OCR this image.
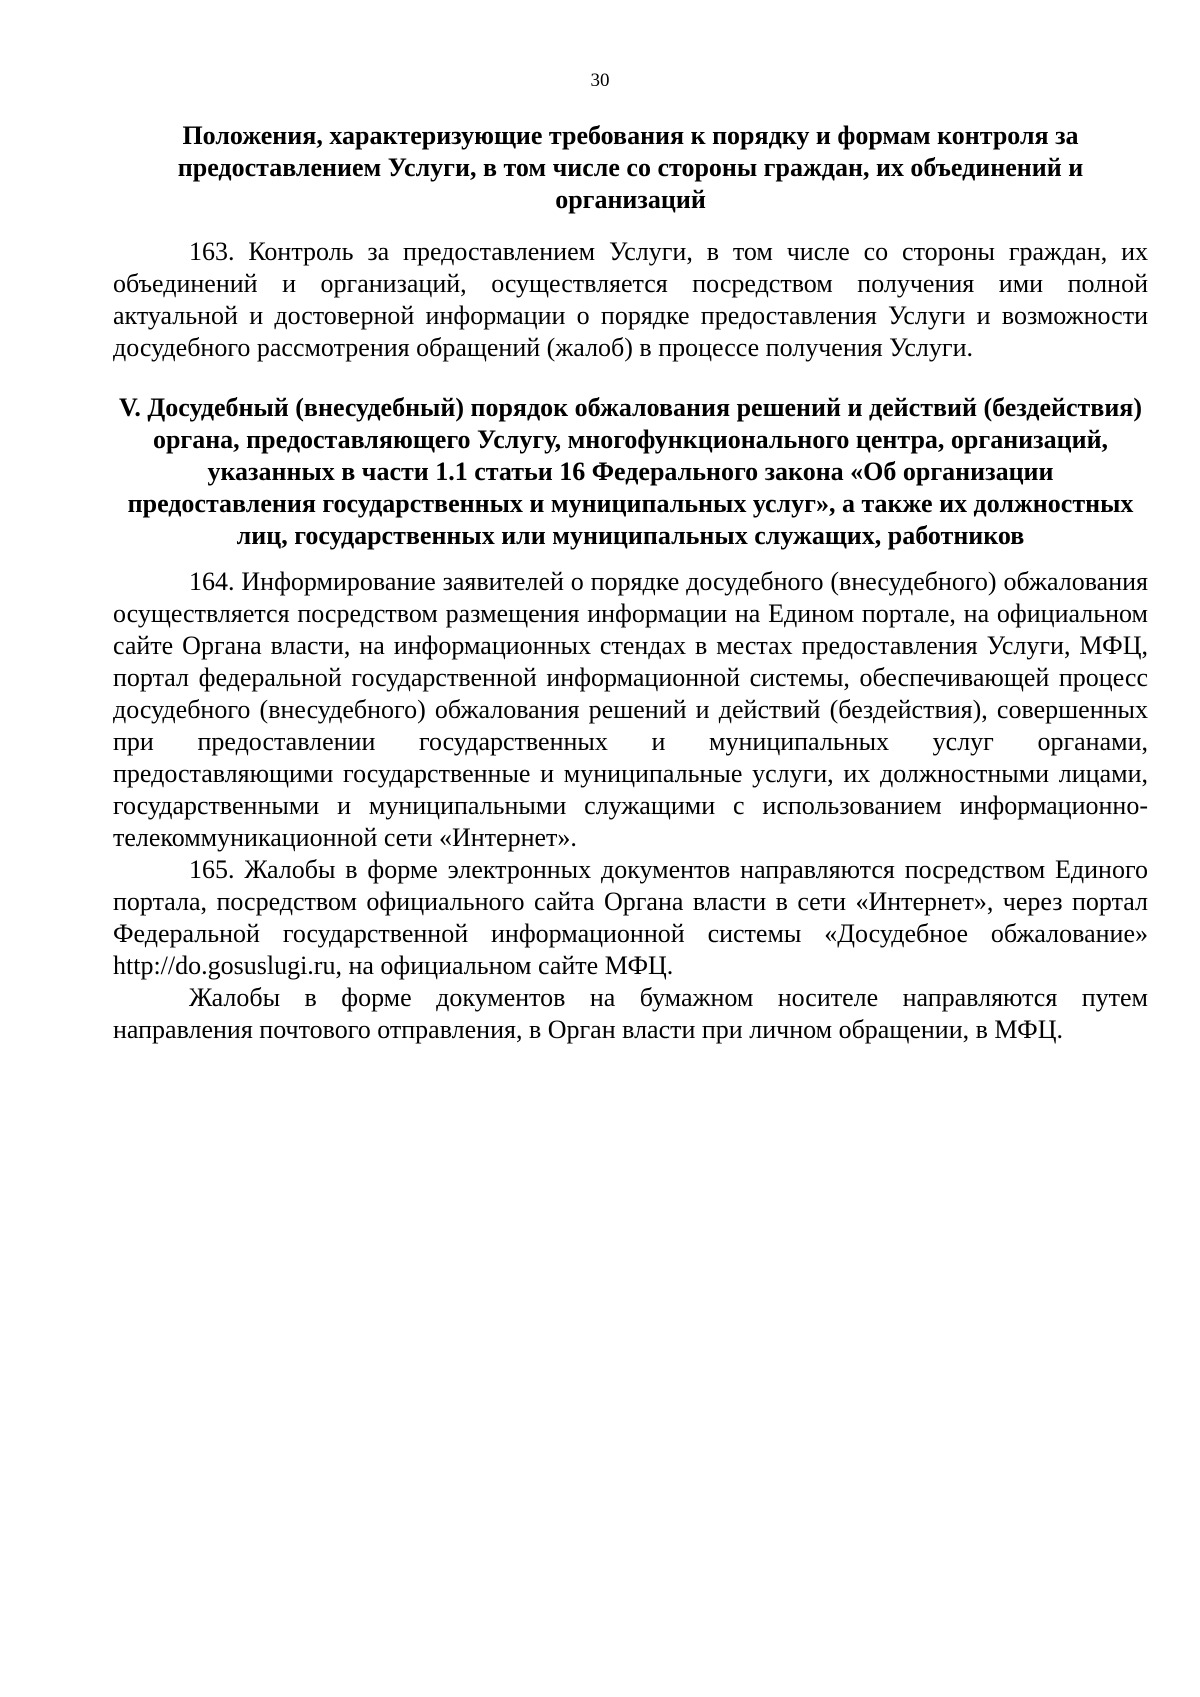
30

Положения, характеризующие требования к порядку и формам контроля за предоставлением Услуги, в том числе со стороны граждан, их объединений и организаций

163. Контроль за предоставлением Услуги, в том числе со стороны граждан, их объединений и организаций, осуществляется посредством получения ими полной актуальной и достоверной информации о порядке предоставления Услуги и возможности досудебного рассмотрения обращений (жалоб) в процессе получения Услуги.

V. Досудебный (внесудебный) порядок обжалования решений и действий (бездействия) органа, предоставляющего Услугу, многофункционального центра, организаций, указанных в части 1.1 статьи 16 Федерального закона «Об организации предоставления государственных и муниципальных услуг», а также их должностных лиц, государственных или муниципальных служащих, работников

164. Информирование заявителей о порядке досудебного (внесудебного) обжалования осуществляется посредством размещения информации на Едином портале, на официальном сайте Органа власти, на информационных стендах в местах предоставления Услуги, МФЦ, портал федеральной государственной информационной системы, обеспечивающей процесс досудебного (внесудебного) обжалования решений и действий (бездействия), совершенных при предоставлении государственных и муниципальных услуг органами, предоставляющими государственные и муниципальные услуги, их должностными лицами, государственными и муниципальными служащими с использованием информационно-телекоммуникационной сети «Интернет».

165. Жалобы в форме электронных документов направляются посредством Единого портала, посредством официального сайта Органа власти в сети «Интернет», через портал Федеральной государственной информационной системы «Досудебное обжалование» http://do.gosuslugi.ru, на официальном сайте МФЦ.

Жалобы в форме документов на бумажном носителе направляются путем направления почтового отправления, в Орган власти при личном обращении, в МФЦ.
